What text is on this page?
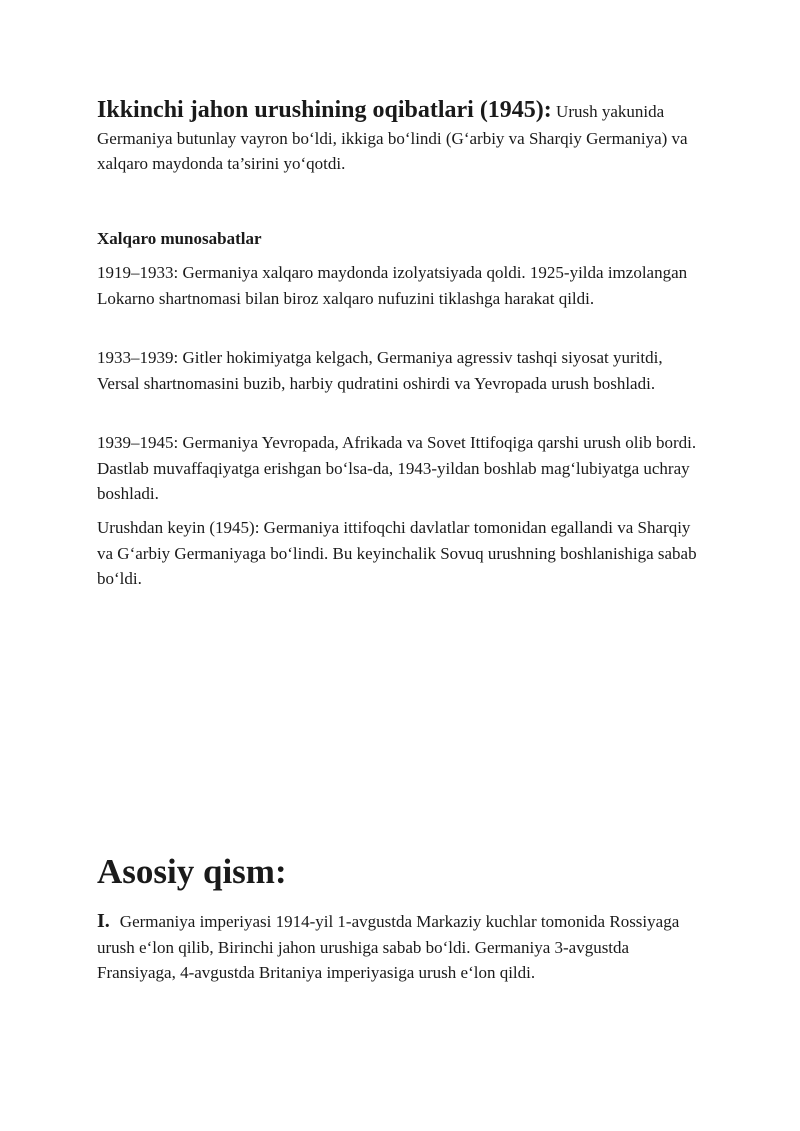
Ikkinchi jahon urushining oqibatlari (1945): Urush yakunida Germaniya butunlay vayron boʻldi, ikkiga boʻlindi (Gʻarbiy va Sharqiy Germaniya) va xalqaro maydonda ta’sirini yoʻqotdi.
Xalqaro munosabatlar

1919–1933: Germaniya xalqaro maydonda izolyatsiyada qoldi. 1925-yilda imzolangan Lokarno shartnomasi bilan biroz xalqaro nufuzini tiklashga harakat qildi.

1933–1939: Gitler hokimiyatga kelgach, Germaniya agressiv tashqi siyosat yuritdi, Versal shartnomasini buzib, harbiy qudratini oshirdi va Yevropada urush boshladi.

1939–1945: Germaniya Yevropada, Afrikada va Sovet Ittifoqiga qarshi urush olib bordi. Dastlab muvaffaqiyatga erishgan boʻlsa-da, 1943-yildan boshlab magʻlubiyatga uchray boshladi.

Urushdan keyin (1945): Germaniya ittifoqchi davlatlar tomonidan egallandi va Sharqiy va Gʻarbiy Germaniyaga boʻlindi. Bu keyinchalik Sovuq urushning boshlanishiga sabab boʻldi.

Asosiy qism:
I. Germaniya imperiyasi 1914-yil 1-avgustda Markaziy kuchlar tomonida Rossiyaga urush eʻlon qilib, Birinchi jahon urushiga sabab boʻldi. Germaniya 3-avgustda Fransiyaga, 4-avgustda Britaniya imperiyasiga urush eʻlon qildi.
